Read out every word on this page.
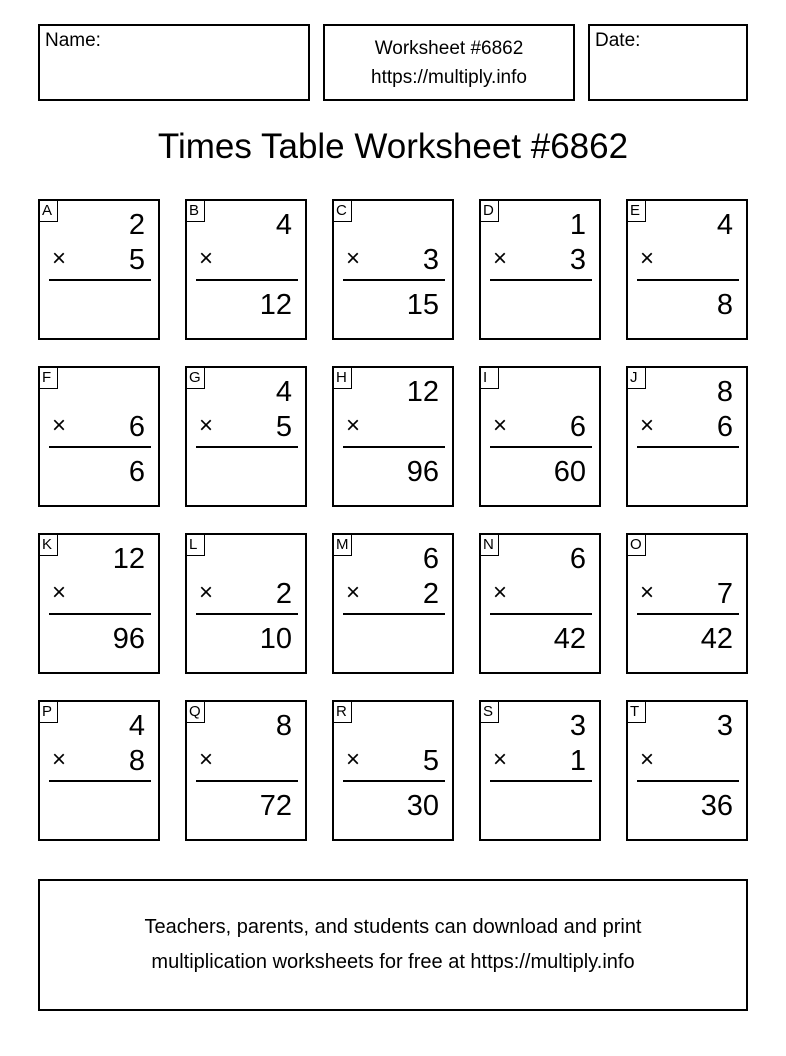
Name:	Worksheet #6862
https://multiply.info
Date:
Times Table Worksheet #6862
A	2
× 5
B	4
×
12
C
× 3
15
D	1
× 3
E	4
×
8
F
× 6
6
G	4
× 5
H 12
×
96
I
× 6
60
J	8
× 6
K 12
×
96
L
× 2
10
M	6
× 2
N	6
×
42
O
× 7
42
P	4
× 8
Q	8
×
72
R
× 5
30
S	3
× 1
T	3
×
36
Teachers, parents, and students can download and print
multiplication worksheets for free at https://multiply.info
